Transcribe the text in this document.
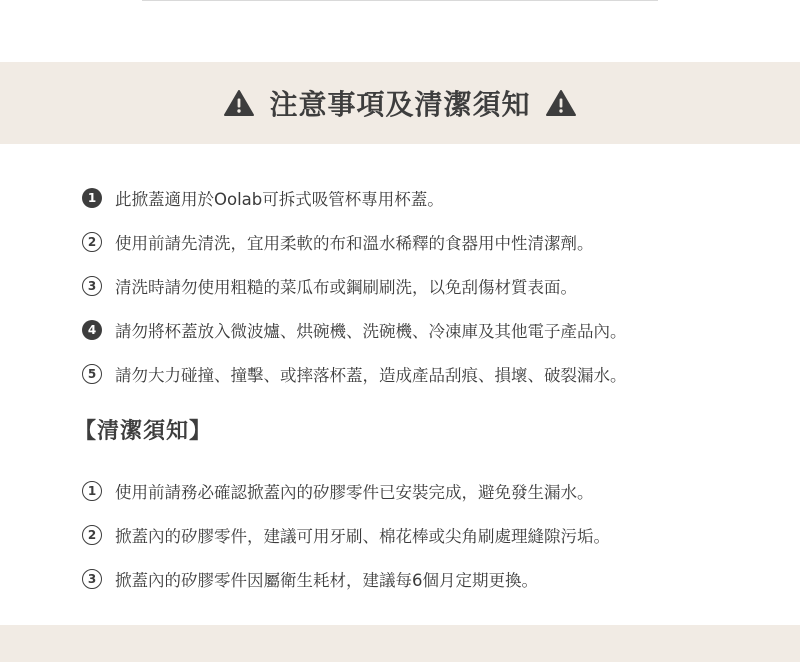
注意事項及清潔須知
1	此掀蓋適用於Oolab可拆式吸管杯專用杯蓋。
2	使用前請先清洗，宜用柔軟的布和溫水稀釋的食器用中性清潔劑。
3	清洗時請勿使用粗糙的菜瓜布或鋼刷刷洗，以免刮傷材質表面。
4	請勿將杯蓋放入微波爐、烘碗機、洗碗機、冷凍庫及其他電子產品內。
5	請勿大力碰撞、撞擊、或摔落杯蓋，造成產品刮痕、損壞、破裂漏水。
【清潔須知】
1	使用前請務必確認掀蓋內的矽膠零件已安裝完成，避免發生漏水。
2	掀蓋內的矽膠零件，建議可用牙刷、棉花棒或尖角刷處理縫隙污垢。
3	掀蓋內的矽膠零件因屬衛生耗材，建議每6個月定期更換。
